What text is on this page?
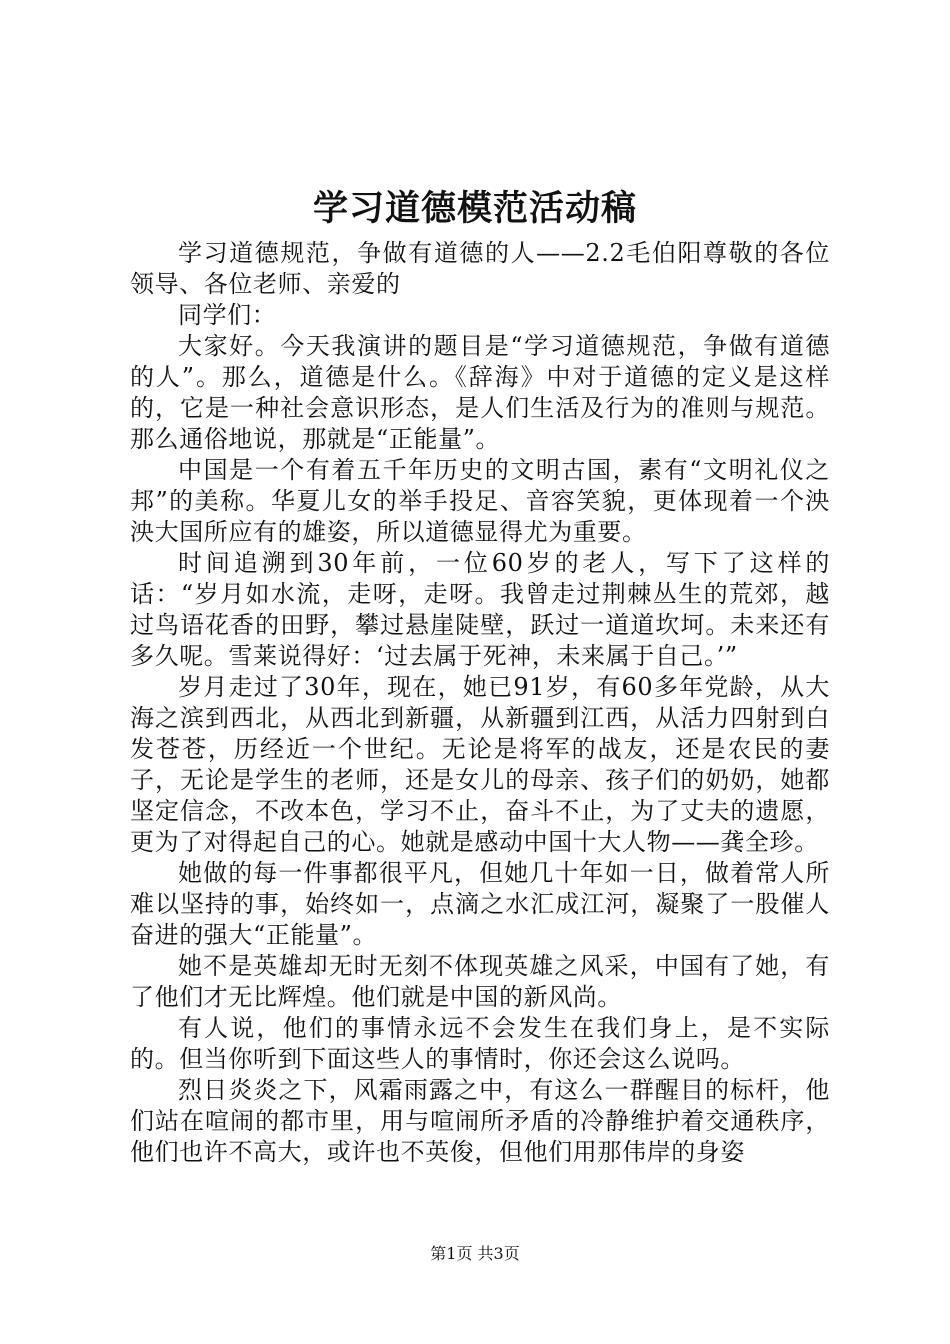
学习道德模范活动稿

学习道德规范，争做有道德的人——2.2毛伯阳尊敬的各位领导、各位老师、亲爱的

同学们：

大家好。今天我演讲的题目是“学习道德规范，争做有道德的人”。那么，道德是什么。《辞海》中对于道德的定义是这样的，它是一种社会意识形态，是人们生活及行为的准则与规范。那么通俗地说，那就是“正能量”。

中国是一个有着五千年历史的文明古国，素有“文明礼仪之邦”的美称。华夏儿女的举手投足、音容笑貌，更体现着一个泱泱大国所应有的雄姿，所以道德显得尤为重要。

时间追溯到30年前，一位60岁的老人，写下了这样的话：“岁月如水流，走呀，走呀。我曾走过荆棘丛生的荒郊，越过鸟语花香的田野，攀过悬崖陡壁，跃过一道道坎坷。未来还有多久呢。雪莱说得好：‘过去属于死神，未来属于自己。’”

岁月走过了30年，现在，她已91岁，有60多年党龄，从大海之滨到西北，从西北到新疆，从新疆到江西，从活力四射到白发苍苍，历经近一个世纪。无论是将军的战友，还是农民的妻子，无论是学生的老师，还是女儿的母亲、孩子们的奶奶，她都坚定信念，不改本色，学习不止，奋斗不止，为了丈夫的遗愿，更为了对得起自己的心。她就是感动中国十大人物——龚全珍。

她做的每一件事都很平凡，但她几十年如一日，做着常人所难以坚持的事，始终如一，点滴之水汇成江河，凝聚了一股催人奋进的强大“正能量”。

她不是英雄却无时无刻不体现英雄之风采，中国有了她，有了他们才无比辉煌。他们就是中国的新风尚。

有人说，他们的事情永远不会发生在我们身上，是不实际的。但当你听到下面这些人的事情时，你还会这么说吗。

烈日炎炎之下，风霜雨露之中，有这么一群醒目的标杆，他们站在喧闹的都市里，用与喧闹所矛盾的冷静维护着交通秩序，他们也许不高大，或许也不英俊，但他们用那伟岸的身姿

第1页 共3页
